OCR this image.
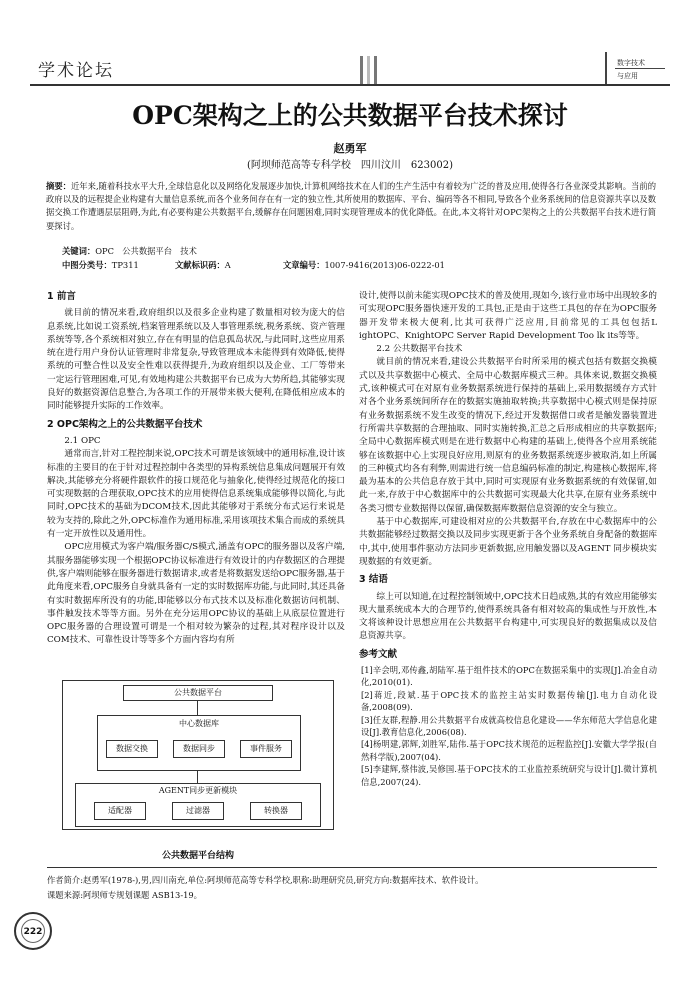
学术论坛	数字技术
与应用
OPC架构之上的公共数据平台技术探讨
赵勇军
(阿坝师范高等专科学校　四川汶川　623002)
摘要：近年来,随着科技水平大升,全球信息化以及网络化发展逐步加快,计算机网络技术在人们的生产生活中有着较为广泛的普及应用,使得各行各业深受其影响。当前的政府以及的远程提企业构建有大量信息系统,而各个业务间存在有一定的独立性,其所使用的数据库、平台、编码等各不相同,导致各个业务系统间的信息资源共享以及数据交换工作遭遇层层阻碍,为此,有必要构建公共数据平台,缓解存在问题困难,同时实现管理成本的优化降低。在此,本文将针对OPC架构之上的公共数据平台技术进行简要探讨。
关键词：OPC　公共数据平台　技术
中图分类号：TP311	文献标识码：A	文章编号：1007-9416(2013)06-0222-01
1 前言

就目前的情况来看,政府组织以及很多企业构建了数量相对较为庞大的信息系统,比如说工资系统,档案管理系统以及人事管理系统,税务系统、资产管理系统等等,各个系统相对独立,存在有明显的信息孤岛状况,与此同时,这些应用系统在进行用户身份认证管理时非常复杂,导致管理成本未能得到有效降低,使得系统的可整合性以及安全性难以获得提升,为政府组织以及企业、工厂等带来一定运行管理困难,可见,有效地构建公共数据平台已成为大势所趋,其能够实现良好的数据资源信息整合,为各项工作的开展带来极大便利,在降低相应成本的同时能够提升实际的工作效率。

2 OPC架构之上的公共数据平台技术
2.1 OPC

通常而言,针对工程控制来说,OPC技术可谓是该领域中的通用标准,设计该标准的主要目的在于针对过程控制中各类型的异构系统信息集成问题展开有效解决,其能够充分将硬件跟软件的接口规范化与抽象化,使得经过规范化的接口可实现数据的合理获取,OPC技术的应用使得信息系统集成能够得以简化,与此同时,OPC技术的基础为DCOM技术,因此其能够对于系统分布式运行来说是较为支持的,除此之外,OPC标准作为通用标准,采用该项技术集合而成的系统具有一定开放性以及通用性。

OPC应用模式为客户端/服务器C/S模式,涵盖有OPC的服务器以及客户端,其服务器能够实现一个根据OPC协议标准进行有效设计的内存数据区的合理提供,客户端则能够在服务器进行数据请求,或者是将数据发送给OPC服务器,基于此角度来看,OPC服务自身就具备有一定的实时数据库功能,与此同时,其还具备有实时数据库所没有的功能,即能够以分布式技术以及标准化数据访问机制、事件触发技术等等方面。另外在充分运用OPC协议的基础上从底层位置进行OPC服务器的合理设置可谓是一个相对较为繁杂的过程,其对程序设计以及COM技术、可靠性设计等等多个方面内容均有所

公共数据平台
中心数据库
数据交换	数据同步	事件服务
AGENT同步更新模块
适配器	过滤器	转换器
公共数据平台结构

设计,使得以前未能实现OPC技术的普及使用,现如今,该行业市场中出现较多的可实现OPC服务器快速开发的工具包,正是由于这些工具包的存在为OPC服务器开发带来极大便利,比其可获得广泛应用,目前常见的工具包包括L ightOPC、KnightOPC Server Rapid Development Too lk its等等。

2.2 公共数据平台技术

就目前的情况来看,建设公共数据平台时所采用的模式包括有数据交换模式以及共享数据中心模式、全局中心数据库模式三种。具体来说,数据交换模式,该种模式可在对原有业务数据系统进行保持的基础上,采用数据缓存方式针对各个业务系统间所存在的数据实施抽取转换;共享数据中心模式则是保持原有业务数据系统不发生改变的情况下,经过开发数据借口或者是触发器装置进行所需共享数据的合理抽取、同时实施转换,汇总之后形成相应的共享数据库;全局中心数据库模式则是在进行数据中心构建的基础上,使得各个应用系统能够在该数据中心上实现良好应用,则原有的业务数据系统逐步被取消,如上所属的三种模式均各有利弊,则需进行统一信息编码标准的制定,构建核心数据库,将最为基本的公共信息存放于其中,同时可实现原有业务数据系统的有效保留,如此一来,存放于中心数据库中的公共数据可实现最大化共享,在原有业务系统中各类习惯专业数据得以保留,确保数据库数据信息资源的安全与独立。

基于中心数据库,可建设相对应的公共数据平台,存放在中心数据库中的公共数据能够经过数据交换以及同步实现更新于各个业务系统自身配备的数据库中,其中,使用事件驱动方法同步更新数据,应用触发器以及AGENT 同步模块实现数据的有效更新。

3 结语

综上可以知道,在过程控制领域中,OPC技术日趋成熟,其的有效应用能够实现大量系统成本大的合理节约,使得系统具备有相对较高的集成性与开放性,本文将该种设计思想应用在公共数据平台构建中,可实现良好的数据集成以及信息资源共享。

参考文献
[1]辛会明,邓传鑫,胡陆军.基于组件技术的OPC在数据采集中的实现[J].冶金自动化,2010(01).
[2]蒋近,段斌.基于OPC技术的监控主站实时数据传输[J].电力自动化设备,2008(09).
[3]任友群,程静.用公共数据平台成就高校信息化建设——华东师范大学信息化建设[J].教育信息化,2006(08).
[4]杨明建,郭辉,刘胜军,陆伟.基于OPC技术规范的远程监控[J].安徽大学学报(自然科学版),2007(04).
[5]李建辉,蔡伟波,吴修国.基于OPC技术的工业监控系统研究与设计[J].微计算机信息,2007(24).
作者简介:赵勇军(1978-),男,四川南充,单位:阿坝师范高等专科学校,职称:助理研究员,研究方向:数据库技术、软件设计。
课题来源:阿坝师专规划课题 ASB13-19。
222
